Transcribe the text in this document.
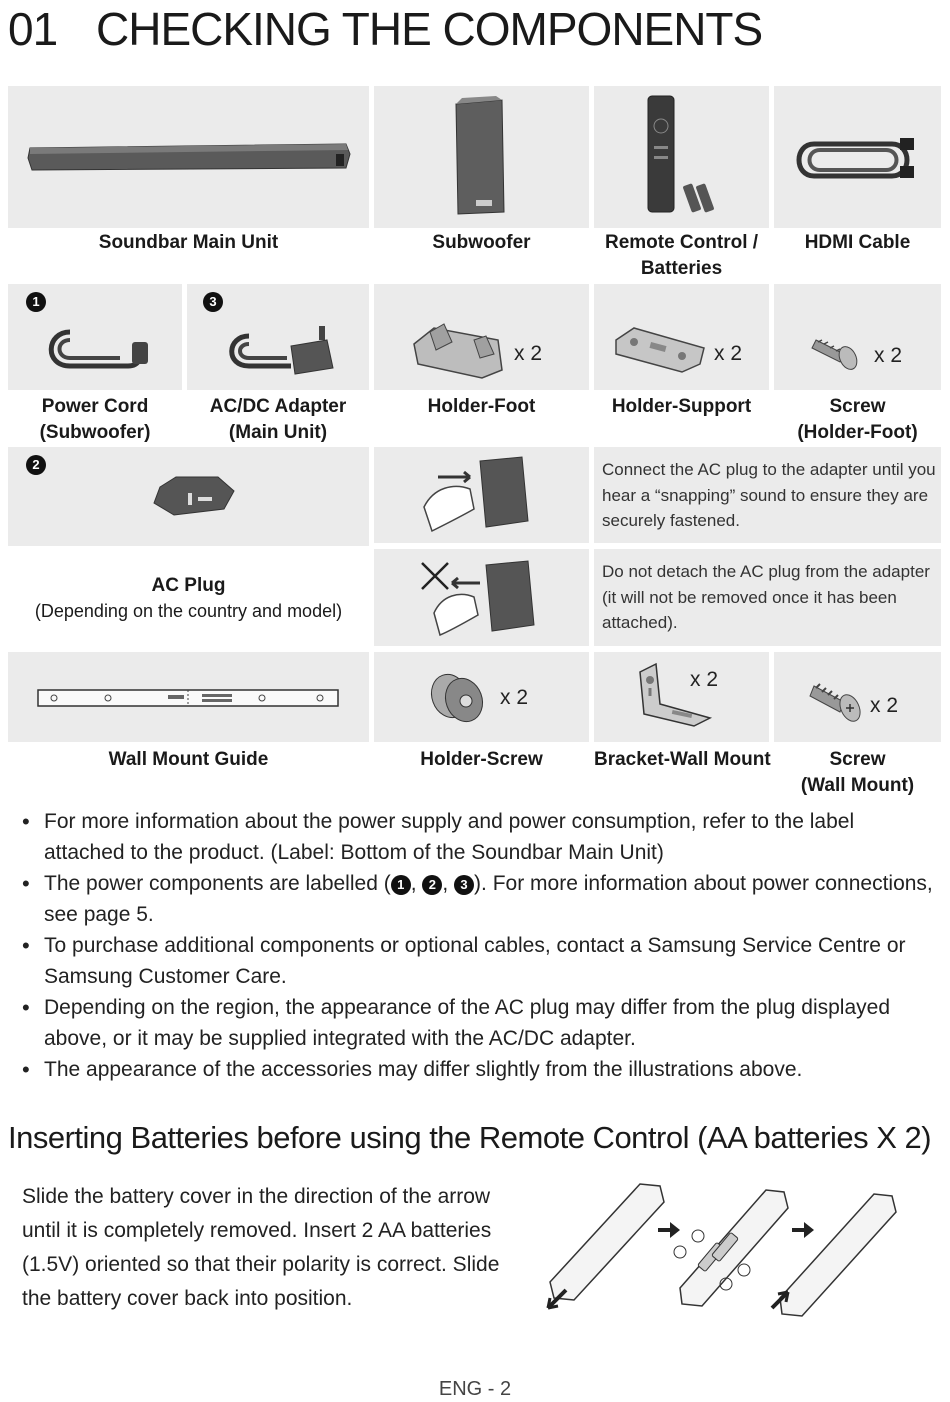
01 CHECKING THE COMPONENTS
Soundbar Main Unit	Subwoofer	Remote Control /
Batteries
HDMI Cable
1
Power Cord
(Subwoofer)
3
AC/DC Adapter
(Main Unit)
x 2
Holder-Foot
x 2
Holder-Support
x 2
Screw
(Holder-Foot)
2
AC Plug
(Depending on the country and model)
Connect the AC plug to the adapter until you hear a “snapping” sound to ensure they are securely fastened.
Do not detach the AC plug from the adapter (it will not be removed once it has been attached).
Wall Mount Guide
x 2
Holder-Screw
x 2
Bracket-Wall Mount
x 2
Screw
(Wall Mount)
• For more information about the power supply and power consumption, refer to the label attached to the product. (Label: Bottom of the Soundbar Main Unit)
• The power components are labelled ( 1 , 2 , 3 ). For more information about power connections, see page 5.
• To purchase additional components or optional cables, contact a Samsung Service Centre or Samsung Customer Care.
• Depending on the region, the appearance of the AC plug may differ from the plug displayed above, or it may be supplied integrated with the AC/DC adapter.
• The appearance of the accessories may differ slightly from the illustrations above.
Inserting Batteries before using the Remote Control (AA batteries X 2)

Slide the battery cover in the direction of the arrow until it is completely removed. Insert 2 AA batteries (1.5V) oriented so that their polarity is correct. Slide the battery cover back into position.

ENG - 2
